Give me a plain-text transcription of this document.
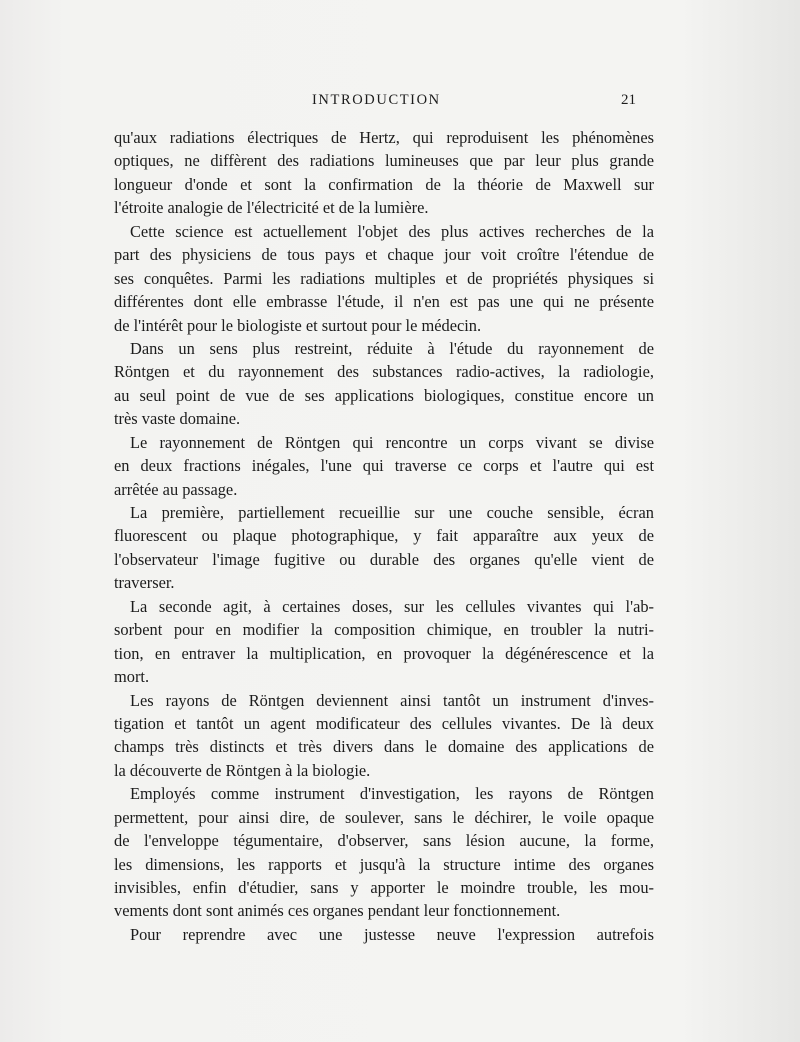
INTRODUCTION	21
qu'aux radiations électriques de Hertz, qui reproduisent les phénomènes
optiques, ne diffèrent des radiations lumineuses que par leur plus grande
longueur d'onde et sont la confirmation de la théorie de Maxwell sur
l'étroite analogie de l'électricité et de la lumière.
Cette science est actuellement l'objet des plus actives recherches de la
part des physiciens de tous pays et chaque jour voit croître l'étendue de
ses conquêtes. Parmi les radiations multiples et de propriétés physiques si
différentes dont elle embrasse l'étude, il n'en est pas une qui ne présente
de l'intérêt pour le biologiste et surtout pour le médecin.
Dans un sens plus restreint, réduite à l'étude du rayonnement de
Röntgen et du rayonnement des substances radio-actives, la radiologie,
au seul point de vue de ses applications biologiques, constitue encore un
très vaste domaine.
Le rayonnement de Röntgen qui rencontre un corps vivant se divise
en deux fractions inégales, l'une qui traverse ce corps et l'autre qui est
arrêtée au passage.
La première, partiellement recueillie sur une couche sensible, écran
fluorescent ou plaque photographique, y fait apparaître aux yeux de
l'observateur l'image fugitive ou durable des organes qu'elle vient de
traverser.
La seconde agit, à certaines doses, sur les cellules vivantes qui l'ab-
sorbent pour en modifier la composition chimique, en troubler la nutri-
tion, en entraver la multiplication, en provoquer la dégénérescence et la
mort.
Les rayons de Röntgen deviennent ainsi tantôt un instrument d'inves-
tigation et tantôt un agent modificateur des cellules vivantes. De là deux
champs très distincts et très divers dans le domaine des applications de
la découverte de Röntgen à la biologie.
Employés comme instrument d'investigation, les rayons de Röntgen
permettent, pour ainsi dire, de soulever, sans le déchirer, le voile opaque
de l'enveloppe tégumentaire, d'observer, sans lésion aucune, la forme,
les dimensions, les rapports et jusqu'à la structure intime des organes
invisibles, enfin d'étudier, sans y apporter le moindre trouble, les mou-
vements dont sont animés ces organes pendant leur fonctionnement.
Pour reprendre avec une justesse neuve l'expression autrefois
